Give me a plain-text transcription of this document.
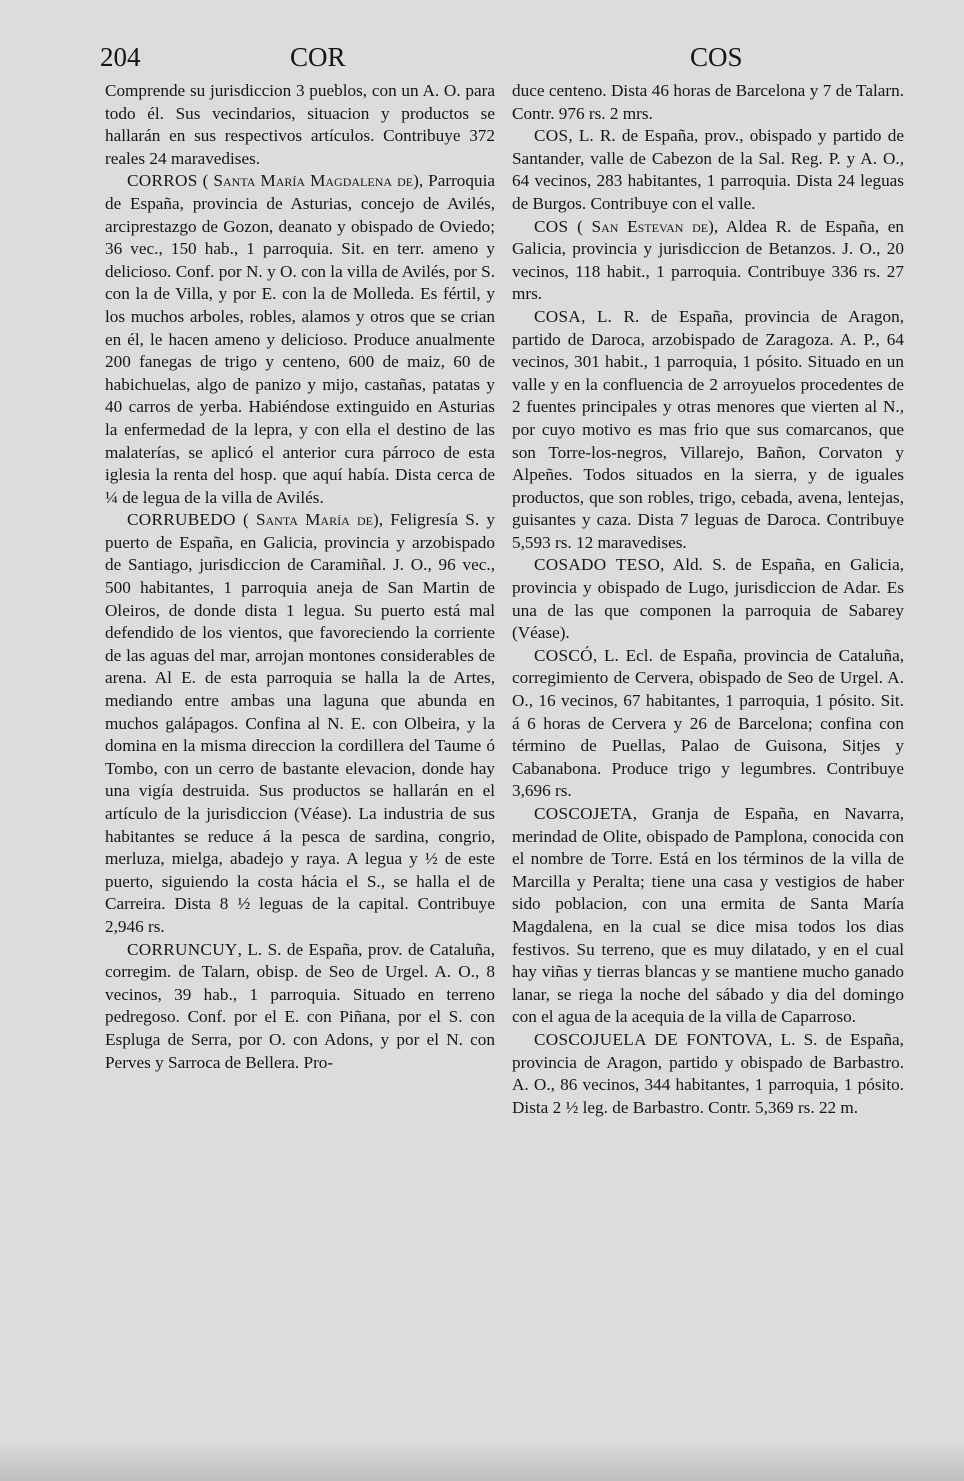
204	COR	COS

Comprende su jurisdiccion 3 pueblos, con un A. O. para todo él. Sus vecindarios, situacion y productos se hallarán en sus respectivos artículos. Contribuye 372 reales 24 maravedises.

CORROS ( Santa María Magdalena de), Parroquia de España, provincia de Asturias, concejo de Avilés, arciprestazgo de Gozon, deanato y obispado de Oviedo; 36 vec., 150 hab., 1 parroquia. Sit. en terr. ameno y delicioso. Conf. por N. y O. con la villa de Avilés, por S. con la de Villa, y por E. con la de Molleda. Es fértil, y los muchos arboles, robles, alamos y otros que se crian en él, le hacen ameno y delicioso. Produce anualmente 200 fanegas de trigo y centeno, 600 de maiz, 60 de habichuelas, algo de panizo y mijo, castañas, patatas y 40 carros de yerba. Habiéndose extinguido en Asturias la enfermedad de la lepra, y con ella el destino de las malaterías, se aplicó el anterior cura párroco de esta iglesia la renta del hosp. que aquí había. Dista cerca de ¼ de legua de la villa de Avilés.

CORRUBEDO ( Santa María de), Feligresía S. y puerto de España, en Galicia, provincia y arzobispado de Santiago, jurisdiccion de Caramiñal. J. O., 96 vec., 500 habitantes, 1 parroquia aneja de San Martin de Oleiros, de donde dista 1 legua. Su puerto está mal defendido de los vientos, que favoreciendo la corriente de las aguas del mar, arrojan montones considerables de arena. Al E. de esta parroquia se halla la de Artes, mediando entre ambas una laguna que abunda en muchos galápagos. Confina al N. E. con Olbeira, y la domina en la misma direccion la cordillera del Taume ó Tombo, con un cerro de bastante elevacion, donde hay una vigía destruida. Sus productos se hallarán en el artículo de la jurisdiccion (Véase). La industria de sus habitantes se reduce á la pesca de sardina, congrio, merluza, mielga, abadejo y raya. A legua y ½ de este puerto, siguiendo la costa hácia el S., se halla el de Carreira. Dista 8 ½ leguas de la capital. Contribuye 2,946 rs.

CORRUNCUY, L. S. de España, prov. de Cataluña, corregim. de Talarn, obisp. de Seo de Urgel. A. O., 8 vecinos, 39 hab., 1 parroquia. Situado en terreno pedregoso. Conf. por el E. con Piñana, por el S. con Espluga de Serra, por O. con Adons, y por el N. con Perves y Sarroca de Bellera. Pro-

duce centeno. Dista 46 horas de Barcelona y 7 de Talarn. Contr. 976 rs. 2 mrs.

COS, L. R. de España, prov., obispado y partido de Santander, valle de Cabezon de la Sal. Reg. P. y A. O., 64 vecinos, 283 habitantes, 1 parroquia. Dista 24 leguas de Burgos. Contribuye con el valle.

COS ( San Estevan de), Aldea R. de España, en Galicia, provincia y jurisdiccion de Betanzos. J. O., 20 vecinos, 118 habit., 1 parroquia. Contribuye 336 rs. 27 mrs.

COSA, L. R. de España, provincia de Aragon, partido de Daroca, arzobispado de Zaragoza. A. P., 64 vecinos, 301 habit., 1 parroquia, 1 pósito. Situado en un valle y en la confluencia de 2 arroyuelos procedentes de 2 fuentes principales y otras menores que vierten al N., por cuyo motivo es mas frio que sus comarcanos, que son Torre-los-negros, Villarejo, Bañon, Corvaton y Alpeñes. Todos situados en la sierra, y de iguales productos, que son robles, trigo, cebada, avena, lentejas, guisantes y caza. Dista 7 leguas de Daroca. Contribuye 5,593 rs. 12 maravedises.

COSADO TESO, Ald. S. de España, en Galicia, provincia y obispado de Lugo, jurisdiccion de Adar. Es una de las que componen la parroquia de Sabarey (Véase).

COSCÓ, L. Ecl. de España, provincia de Cataluña, corregimiento de Cervera, obispado de Seo de Urgel. A. O., 16 vecinos, 67 habitantes, 1 parroquia, 1 pósito. Sit. á 6 horas de Cervera y 26 de Barcelona; confina con término de Puellas, Palao de Guisona, Sitjes y Cabanabona. Produce trigo y legumbres. Contribuye 3,696 rs.

COSCOJETA, Granja de España, en Navarra, merindad de Olite, obispado de Pamplona, conocida con el nombre de Torre. Está en los términos de la villa de Marcilla y Peralta; tiene una casa y vestigios de haber sido poblacion, con una ermita de Santa María Magdalena, en la cual se dice misa todos los dias festivos. Su terreno, que es muy dilatado, y en el cual hay viñas y tierras blancas y se mantiene mucho ganado lanar, se riega la noche del sábado y dia del domingo con el agua de la acequia de la villa de Caparroso.

COSCOJUELA DE FONTOVA, L. S. de España, provincia de Aragon, partido y obispado de Barbastro. A. O., 86 vecinos, 344 habitantes, 1 parroquia, 1 pósito. Dista 2 ½ leg. de Barbastro. Contr. 5,369 rs. 22 m.
